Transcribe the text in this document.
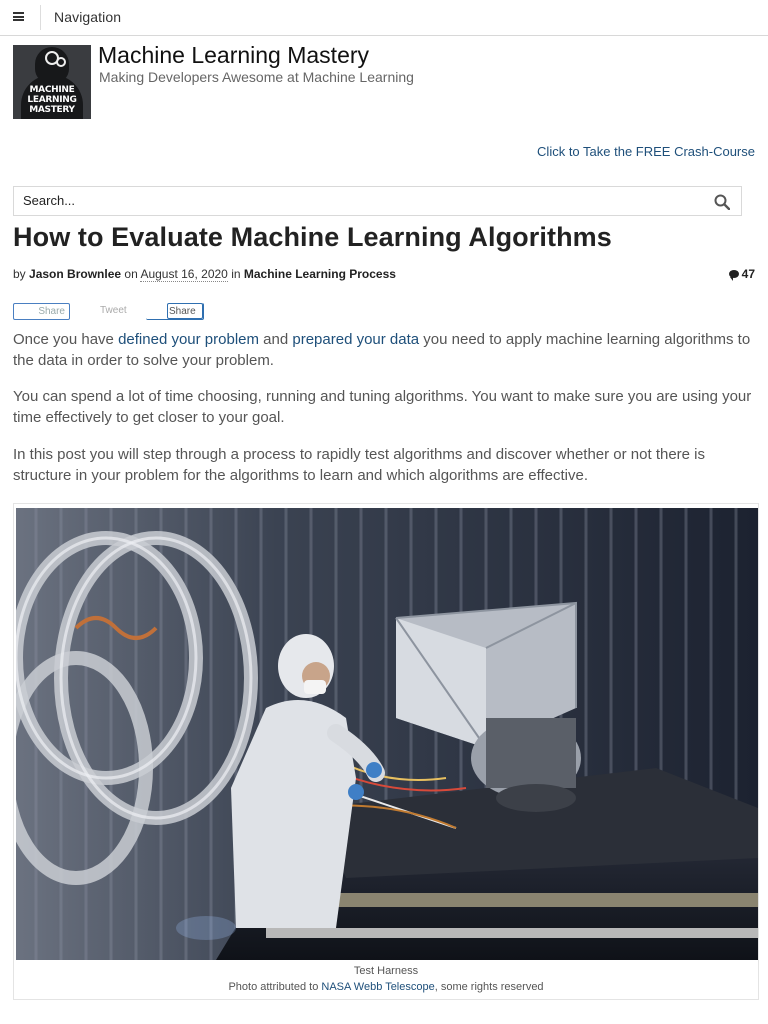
Navigation
MACHINE
LEARNING
MASTERY
Machine Learning Mastery
Making Developers Awesome at Machine Learning
Click to Take the FREE Crash-Course
Search...
How to Evaluate Machine Learning Algorithms
by Jason Brownlee on August 16, 2020 in Machine Learning Process	47
Share	Tweet	Share

Once you have defined your problem and prepared your data you need to apply machine learning algorithms to the data in order to solve your problem.

You can spend a lot of time choosing, running and tuning algorithms. You want to make sure you are using your time effectively to get closer to your goal.

In this post you will step through a process to rapidly test algorithms and discover whether or not there is structure in your problem for the algorithms to learn and which algorithms are effective.

Test Harness
Photo attributed to NASA Webb Telescope, some rights reserved
